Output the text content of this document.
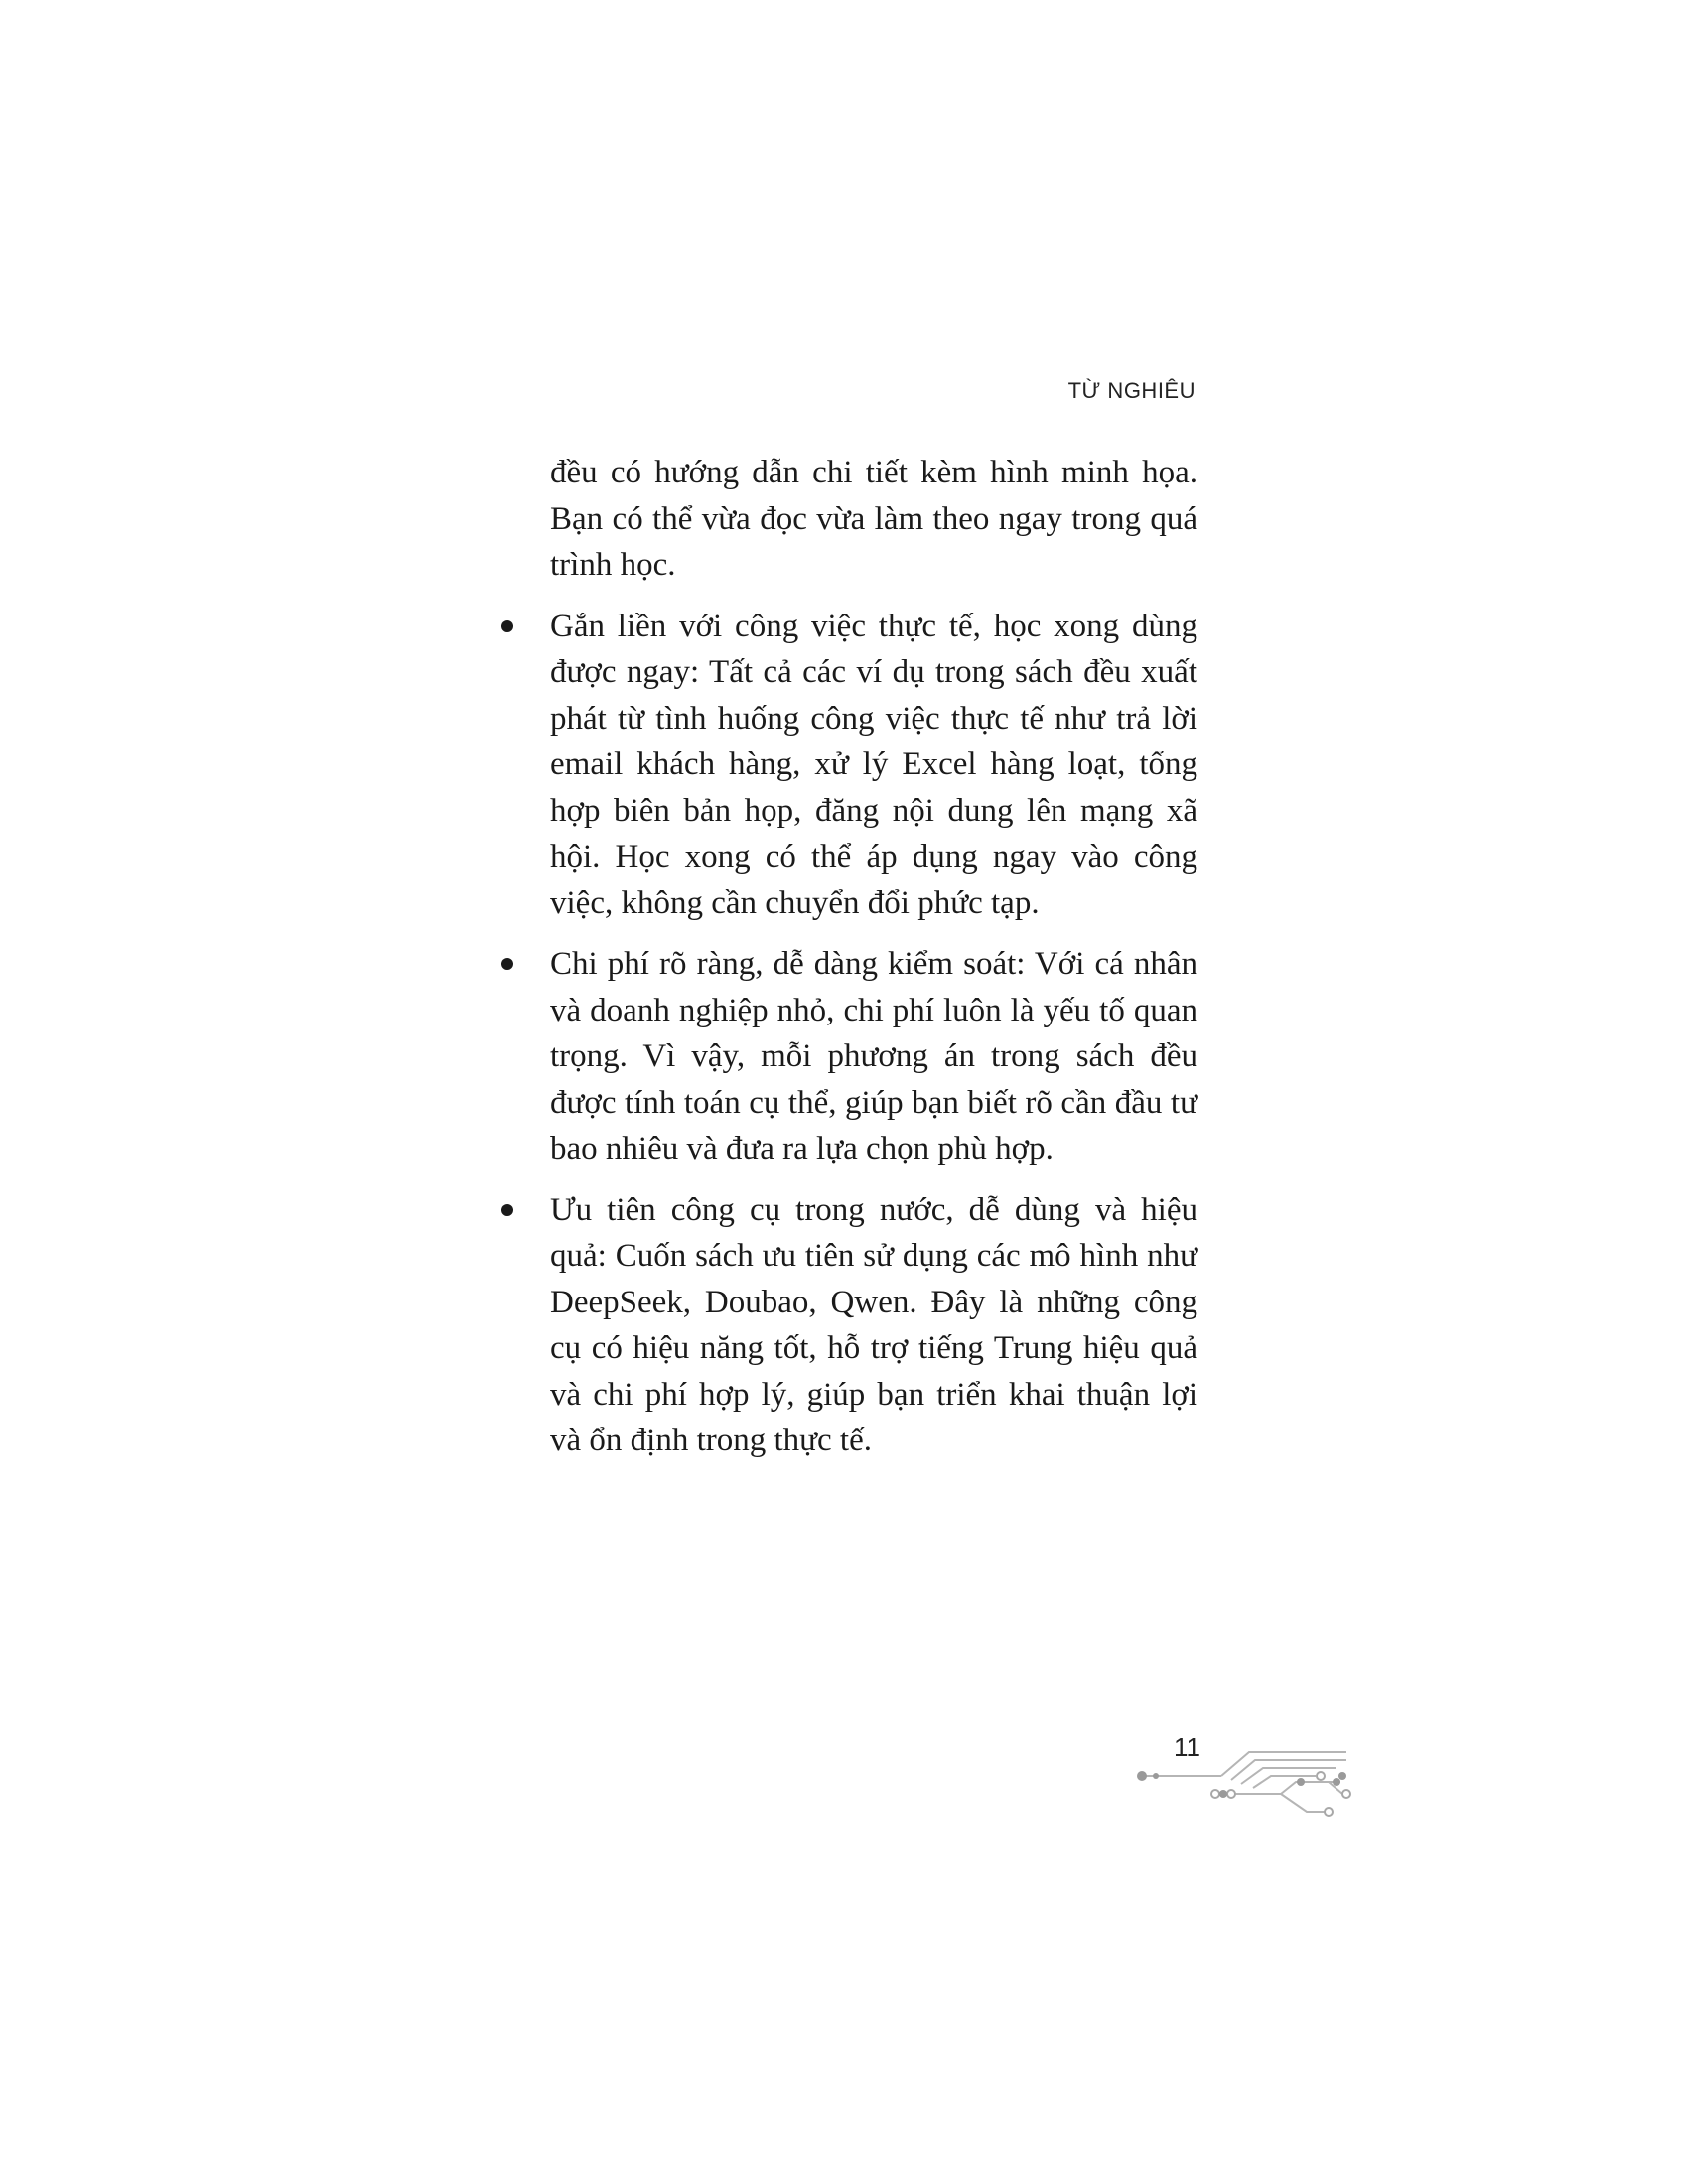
TỪ NGHIÊU

đều có hướng dẫn chi tiết kèm hình minh họa. Bạn có thể vừa đọc vừa làm theo ngay trong quá trình học.

Gắn liền với công việc thực tế, học xong dùng được ngay: Tất cả các ví dụ trong sách đều xuất phát từ tình huống công việc thực tế như trả lời email khách hàng, xử lý Excel hàng loạt, tổng hợp biên bản họp, đăng nội dung lên mạng xã hội. Học xong có thể áp dụng ngay vào công việc, không cần chuyển đổi phức tạp.
Chi phí rõ ràng, dễ dàng kiểm soát: Với cá nhân và doanh nghiệp nhỏ, chi phí luôn là yếu tố quan trọng. Vì vậy, mỗi phương án trong sách đều được tính toán cụ thể, giúp bạn biết rõ cần đầu tư bao nhiêu và đưa ra lựa chọn phù hợp.
Ưu tiên công cụ trong nước, dễ dùng và hiệu quả: Cuốn sách ưu tiên sử dụng các mô hình như DeepSeek, Doubao, Qwen. Đây là những công cụ có hiệu năng tốt, hỗ trợ tiếng Trung hiệu quả và chi phí hợp lý, giúp bạn triển khai thuận lợi và ổn định trong thực tế.
11
